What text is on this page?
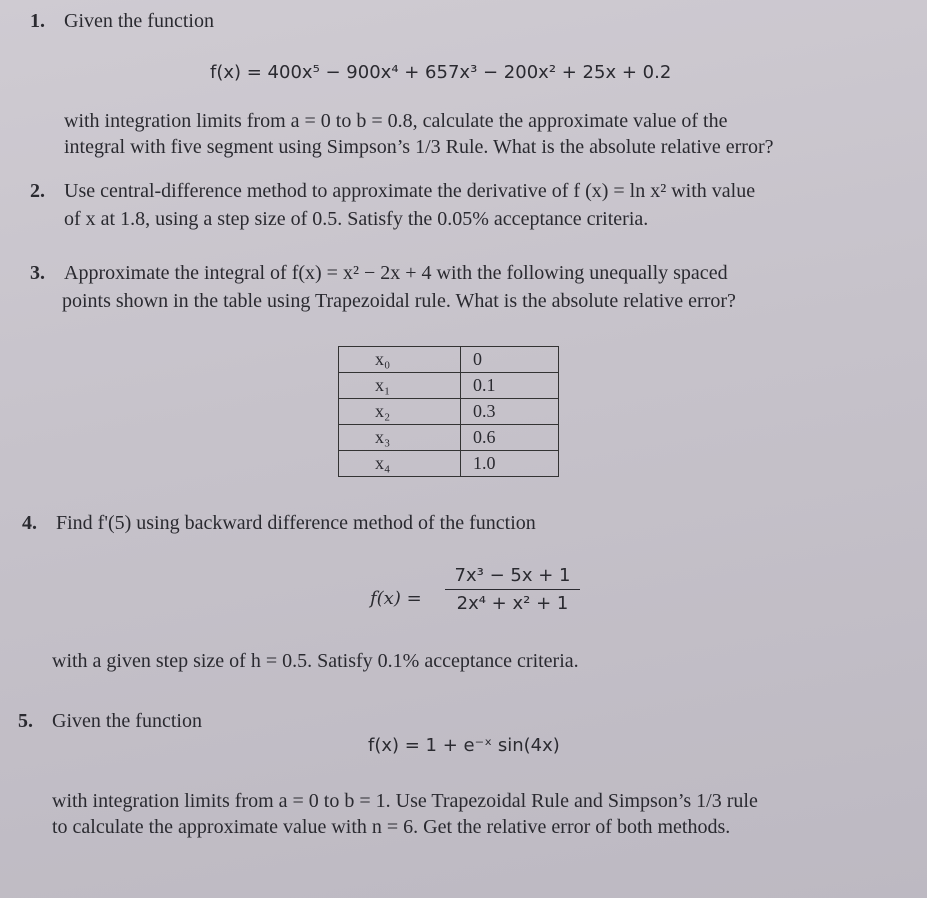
1. Given the function
f(x) = 400x⁵ − 900x⁴ + 657x³ − 200x² + 25x + 0.2
with integration limits from a = 0 to b = 0.8, calculate the approximate value of the
integral with five segment using Simpson’s 1/3 Rule. What is the absolute relative error?
2. Use central-difference method to approximate the derivative of f (x) = ln x² with value
of x at 1.8, using a step size of 0.5. Satisfy the 0.05% acceptance criteria.
3. Approximate the integral of f(x) = x² − 2x + 4 with the following unequally spaced
points shown in the table using Trapezoidal rule. What is the absolute relative error?
x₀	0
x₁	0.1
x₂	0.3
x₃	0.6
x₄	1.0
4. Find f'(5) using backward difference method of the function
f(x) =
7x³ − 5x + 1
2x⁴ + x² + 1
with a given step size of h = 0.5. Satisfy 0.1% acceptance criteria.
5. Given the function
f(x) = 1 + e⁻ˣ sin(4x)
with integration limits from a = 0 to b = 1. Use Trapezoidal Rule and Simpson’s 1/3 rule
to calculate the approximate value with n = 6. Get the relative error of both methods.
